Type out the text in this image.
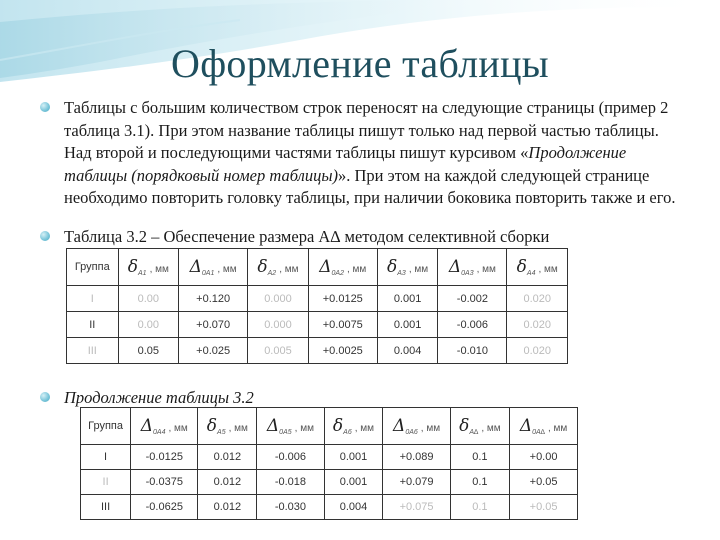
Оформление таблицы
Таблицы с большим количеством строк переносят на следующие страницы (пример 2 таблица 3.1). При этом название таблицы пишут только над первой частью таблицы. Над второй и последующими частями таблицы пишут курсивом «Продолжение таблицы (порядковый номер таблицы)». При этом на каждой следующей странице необходимо повторить головку таблицы, при наличии боковика повторить также и его.
Таблица 3.2 – Обеспечение размера А∆ методом селективной сборки
Группа	$\delta_{A1}$ , мм	$\Delta_{0A1}$ , мм	$\delta_{A2}$ , мм	$\Delta_{0A2}$ , мм	$\delta_{A3}$ , мм	$\Delta_{0A3}$ , мм	$\delta_{A4}$ , мм
I	0.00	+0.120	0.000	+0.0125	0.001	-0.002	0.020
II	0.00	+0.070	0.000	+0.0075	0.001	-0.006	0.020
III	0.05	+0.025	0.005	+0.0025	0.004	-0.010	0.020
Продолжение таблицы 3.2
Группа	$\Delta_{0A4}$ , мм	$\delta_{A5}$ , мм	$\Delta_{0A5}$ , мм	$\delta_{A6}$ , мм	$\Delta_{0A6}$ , мм	$\delta_{A\Delta}$ , мм	$\Delta_{0A\Delta}$ , мм
I	-0.0125	0.012	-0.006	0.001	+0.089	0.1	+0.00
II	-0.0375	0.012	-0.018	0.001	+0.079	0.1	+0.05
III	-0.0625	0.012	-0.030	0.004	+0.075	0.1	+0.05
